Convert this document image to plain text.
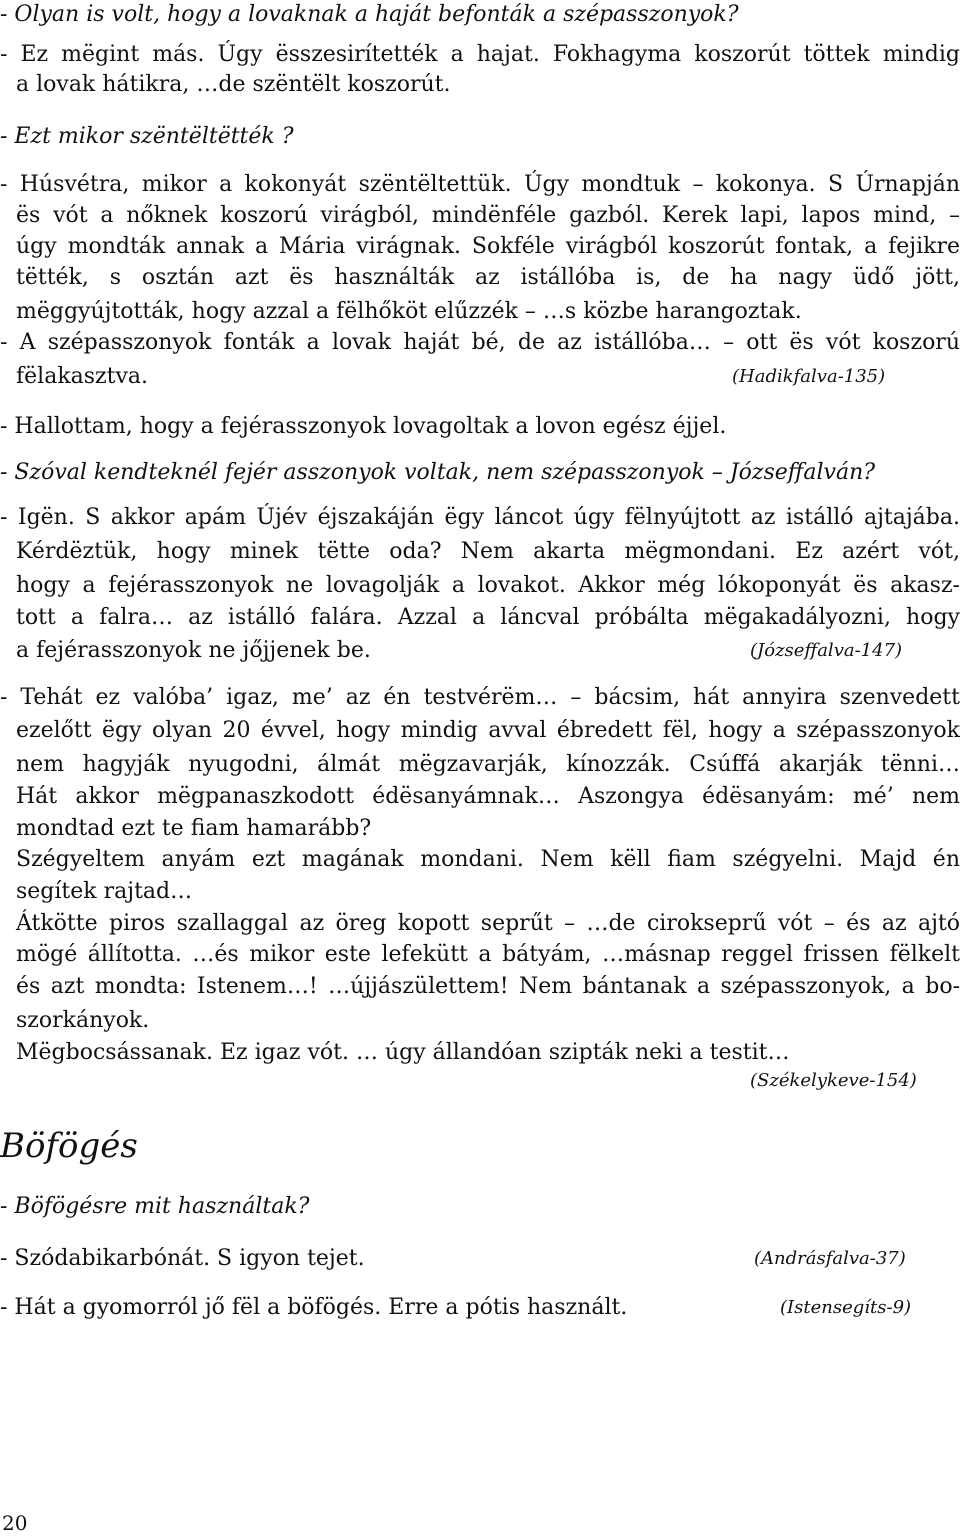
- Olyan is volt, hogy a lovaknak a haját befonták a szépasszonyok?
- Ez mëgint más. Úgy ësszesirítették a hajat. Fokhagyma koszorút töttek mindig
a lovak hátikra, …de szëntëlt koszorút.
- Ezt mikor szëntëltëtték ?
- Húsvétra, mikor a kokonyát szëntëltettük. Úgy mondtuk – kokonya. S Úrnapján
ës vót a nőknek koszorú virágból, mindënféle gazból. Kerek lapi, lapos mind, –
úgy mondták annak a Mária virágnak. Sokféle virágból koszorút fontak, a fejikre
tëtték, s osztán azt ës használták az istállóba is, de ha nagy üdő jött,
mëggyújtották, hogy azzal a fëlhőköt elűzzék – …s közbe harangoztak.
- A szépasszonyok fonták a lovak haját bé, de az istállóba… – ott ës vót koszorú
fëlakasztva.	(Hadikfalva-135)
- Hallottam, hogy a fejérasszonyok lovagoltak a lovon egész éjjel.
- Szóval kendteknél fejér asszonyok voltak, nem szépasszonyok – Józseffalván?
- Igën. S akkor apám Újév éjszakáján ëgy láncot úgy fëlnyújtott az istálló ajtajába.
Kérdëztük, hogy minek tëtte oda? Nem akarta mëgmondani. Ez azért vót,
hogy a fejérasszonyok ne lovagolják a lovakot. Akkor még lókoponyát ës akasz-
tott a falra… az istálló falára. Azzal a láncval próbálta mëgakadályozni, hogy
a fejérasszonyok ne jőjjenek be.	(Józseffalva-147)
- Tehát ez valóba’ igaz, me’ az én testvérëm… – bácsim, hát annyira szenvedett
ezelőtt ëgy olyan 20 évvel, hogy mindig avval ébredett fël, hogy a szépasszonyok
nem hagyják nyugodni, álmát mëgzavarják, kínozzák. Csúffá akarják tënni…
Hát akkor mëgpanaszkodott édësanyámnak… Aszongya édësanyám: mé’ nem
mondtad ezt te fiam hamarább?
Szégyeltem anyám ezt magának mondani. Nem këll fiam szégyelni. Majd én
segítek rajtad…
Átkötte piros szallaggal az öreg kopott seprűt – …de cirokseprű vót – és az ajtó
mögé állította. …és mikor este lefekütt a bátyám, …másnap reggel frissen fëlkelt
és azt mondta: Istenem…! …újjászülettem! Nem bántanak a szépasszonyok, a bo-
szorkányok.
Mëgbocsássanak. Ez igaz vót. … úgy állandóan szipták neki a testit…
(Székelykeve-154)
Böfögés
- Böfögésre mit használtak?
- Szódabikarbónát. S igyon tejet.	(Andrásfalva-37)
- Hát a gyomorról jő fël a böfögés. Erre a pótis használt.	(Istensegíts-9)
20
